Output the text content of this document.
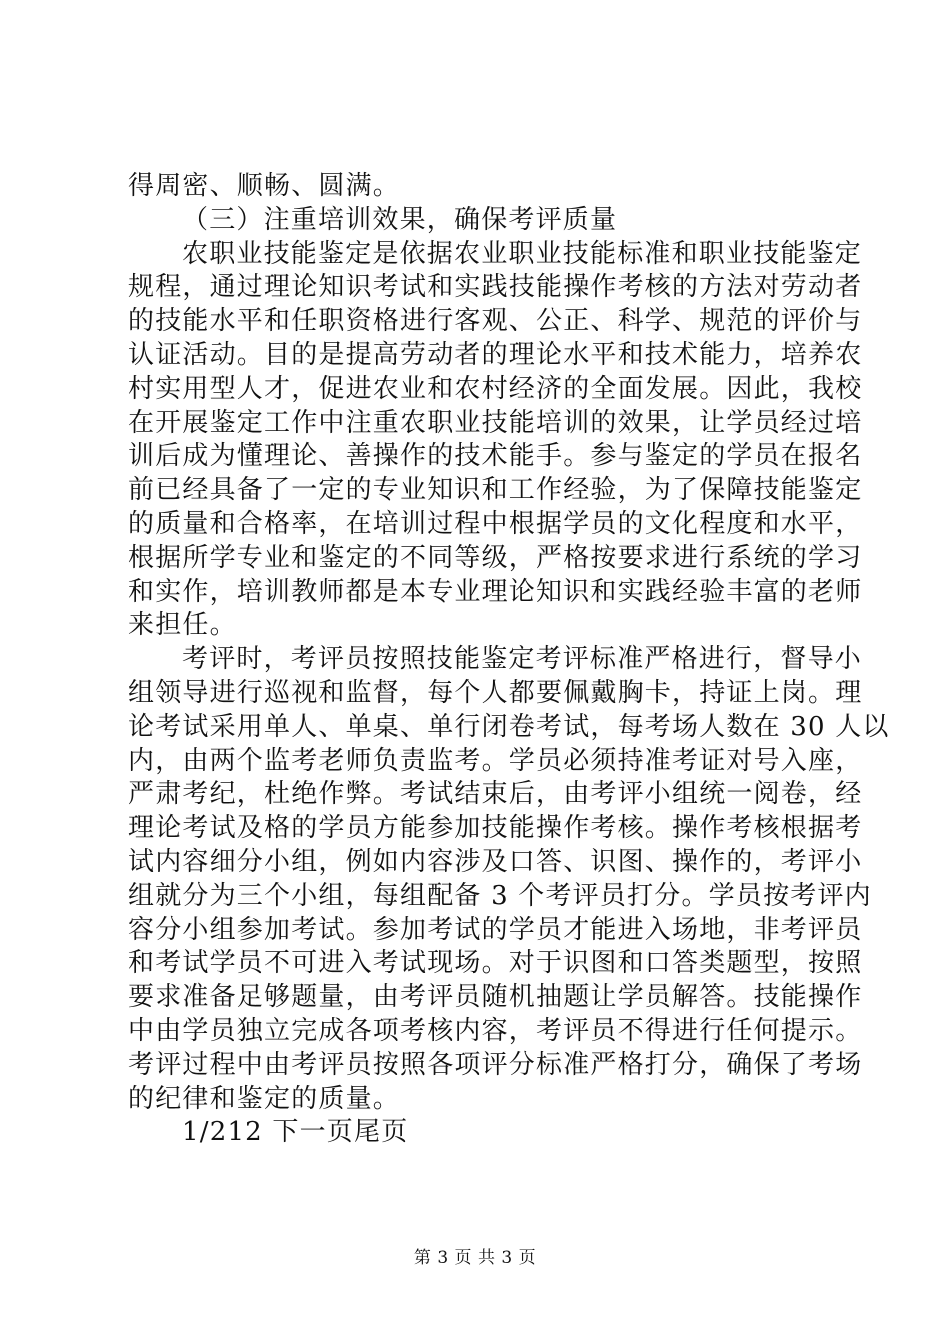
得周密、顺畅、圆满。
（三）注重培训效果，确保考评质量
农职业技能鉴定是依据农业职业技能标准和职业技能鉴定
规程，通过理论知识考试和实践技能操作考核的方法对劳动者
的技能水平和任职资格进行客观、公正、科学、规范的评价与
认证活动。目的是提高劳动者的理论水平和技术能力，培养农
村实用型人才，促进农业和农村经济的全面发展。因此，我校
在开展鉴定工作中注重农职业技能培训的效果，让学员经过培
训后成为懂理论、善操作的技术能手。参与鉴定的学员在报名
前已经具备了一定的专业知识和工作经验，为了保障技能鉴定
的质量和合格率，在培训过程中根据学员的文化程度和水平，
根据所学专业和鉴定的不同等级，严格按要求进行系统的学习
和实作，培训教师都是本专业理论知识和实践经验丰富的老师
来担任。
考评时，考评员按照技能鉴定考评标准严格进行，督导小
组领导进行巡视和监督，每个人都要佩戴胸卡，持证上岗。理
论考试采用单人、单桌、单行闭卷考试，每考场人数在 30 人以
内，由两个监考老师负责监考。学员必须持准考证对号入座，
严肃考纪，杜绝作弊。考试结束后，由考评小组统一阅卷，经
理论考试及格的学员方能参加技能操作考核。操作考核根据考
试内容细分小组，例如内容涉及口答、识图、操作的，考评小
组就分为三个小组，每组配备 3 个考评员打分。学员按考评内
容分小组参加考试。参加考试的学员才能进入场地，非考评员
和考试学员不可进入考试现场。对于识图和口答类题型，按照
要求准备足够题量，由考评员随机抽题让学员解答。技能操作
中由学员独立完成各项考核内容，考评员不得进行任何提示。
考评过程中由考评员按照各项评分标准严格打分，确保了考场
的纪律和鉴定的质量。
1/212 下一页尾页
第 3 页 共 3 页
